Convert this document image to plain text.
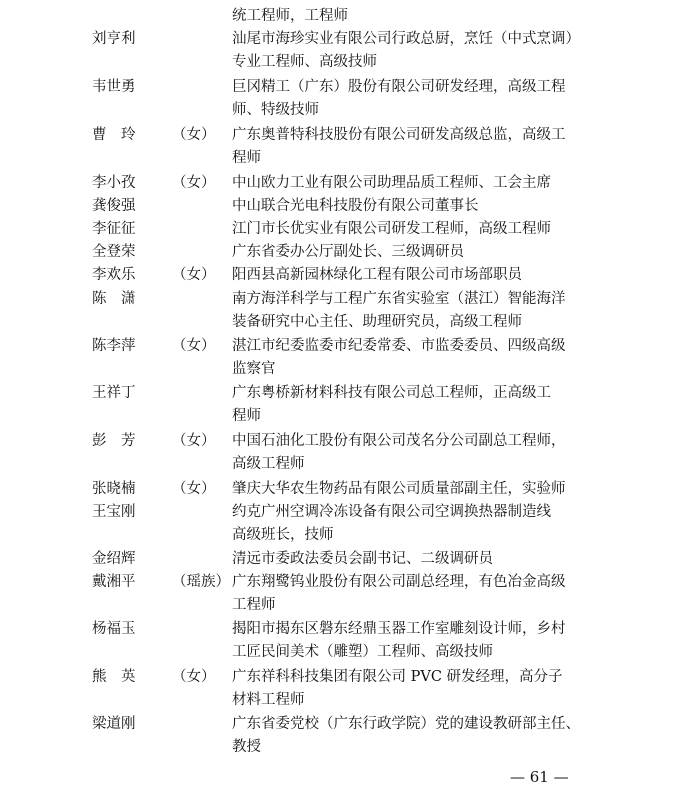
统工程师，工程师
刘亨利	汕尾市海珍实业有限公司行政总厨，烹饪（中式烹调）
专业工程师、高级技师
韦世勇	巨冈精工（广东）股份有限公司研发经理，高级工程
师、特级技师
曹　玲	（女） 广东奥普特科技股份有限公司研发高级总监，高级工
程师
李小孜	（女） 中山欧力工业有限公司助理品质工程师、工会主席
龚俊强	中山联合光电科技股份有限公司董事长
李征征	江门市长优实业有限公司研发工程师，高级工程师
全登荣	广东省委办公厅副处长、三级调研员
李欢乐	（女） 阳西县高新园林绿化工程有限公司市场部职员
陈　潇	南方海洋科学与工程广东省实验室（湛江）智能海洋
装备研究中心主任、助理研究员，高级工程师
陈李萍	（女） 湛江市纪委监委市纪委常委、市监委委员、四级高级
监察官
王祥丁	广东粤桥新材料科技有限公司总工程师，正高级工
程师
彭　芳	（女） 中国石油化工股份有限公司茂名分公司副总工程师，
高级工程师
张晓楠	（女） 肇庆大华农生物药品有限公司质量部副主任，实验师
王宝刚	约克广州空调冷冻设备有限公司空调换热器制造线
高级班长，技师
金绍辉	清远市委政法委员会副书记、二级调研员
戴湘平	（瑶族） 广东翔鹭钨业股份有限公司副总经理，有色冶金高级
工程师
杨福玉	揭阳市揭东区磐东经鼎玉器工作室雕刻设计师，乡村
工匠民间美术（雕塑）工程师、高级技师
熊　英	（女） 广东祥科科技集团有限公司 PVC 研发经理，高分子
材料工程师
梁道刚	广东省委党校（广东行政学院）党的建设教研部主任、
教授
— 61 —
